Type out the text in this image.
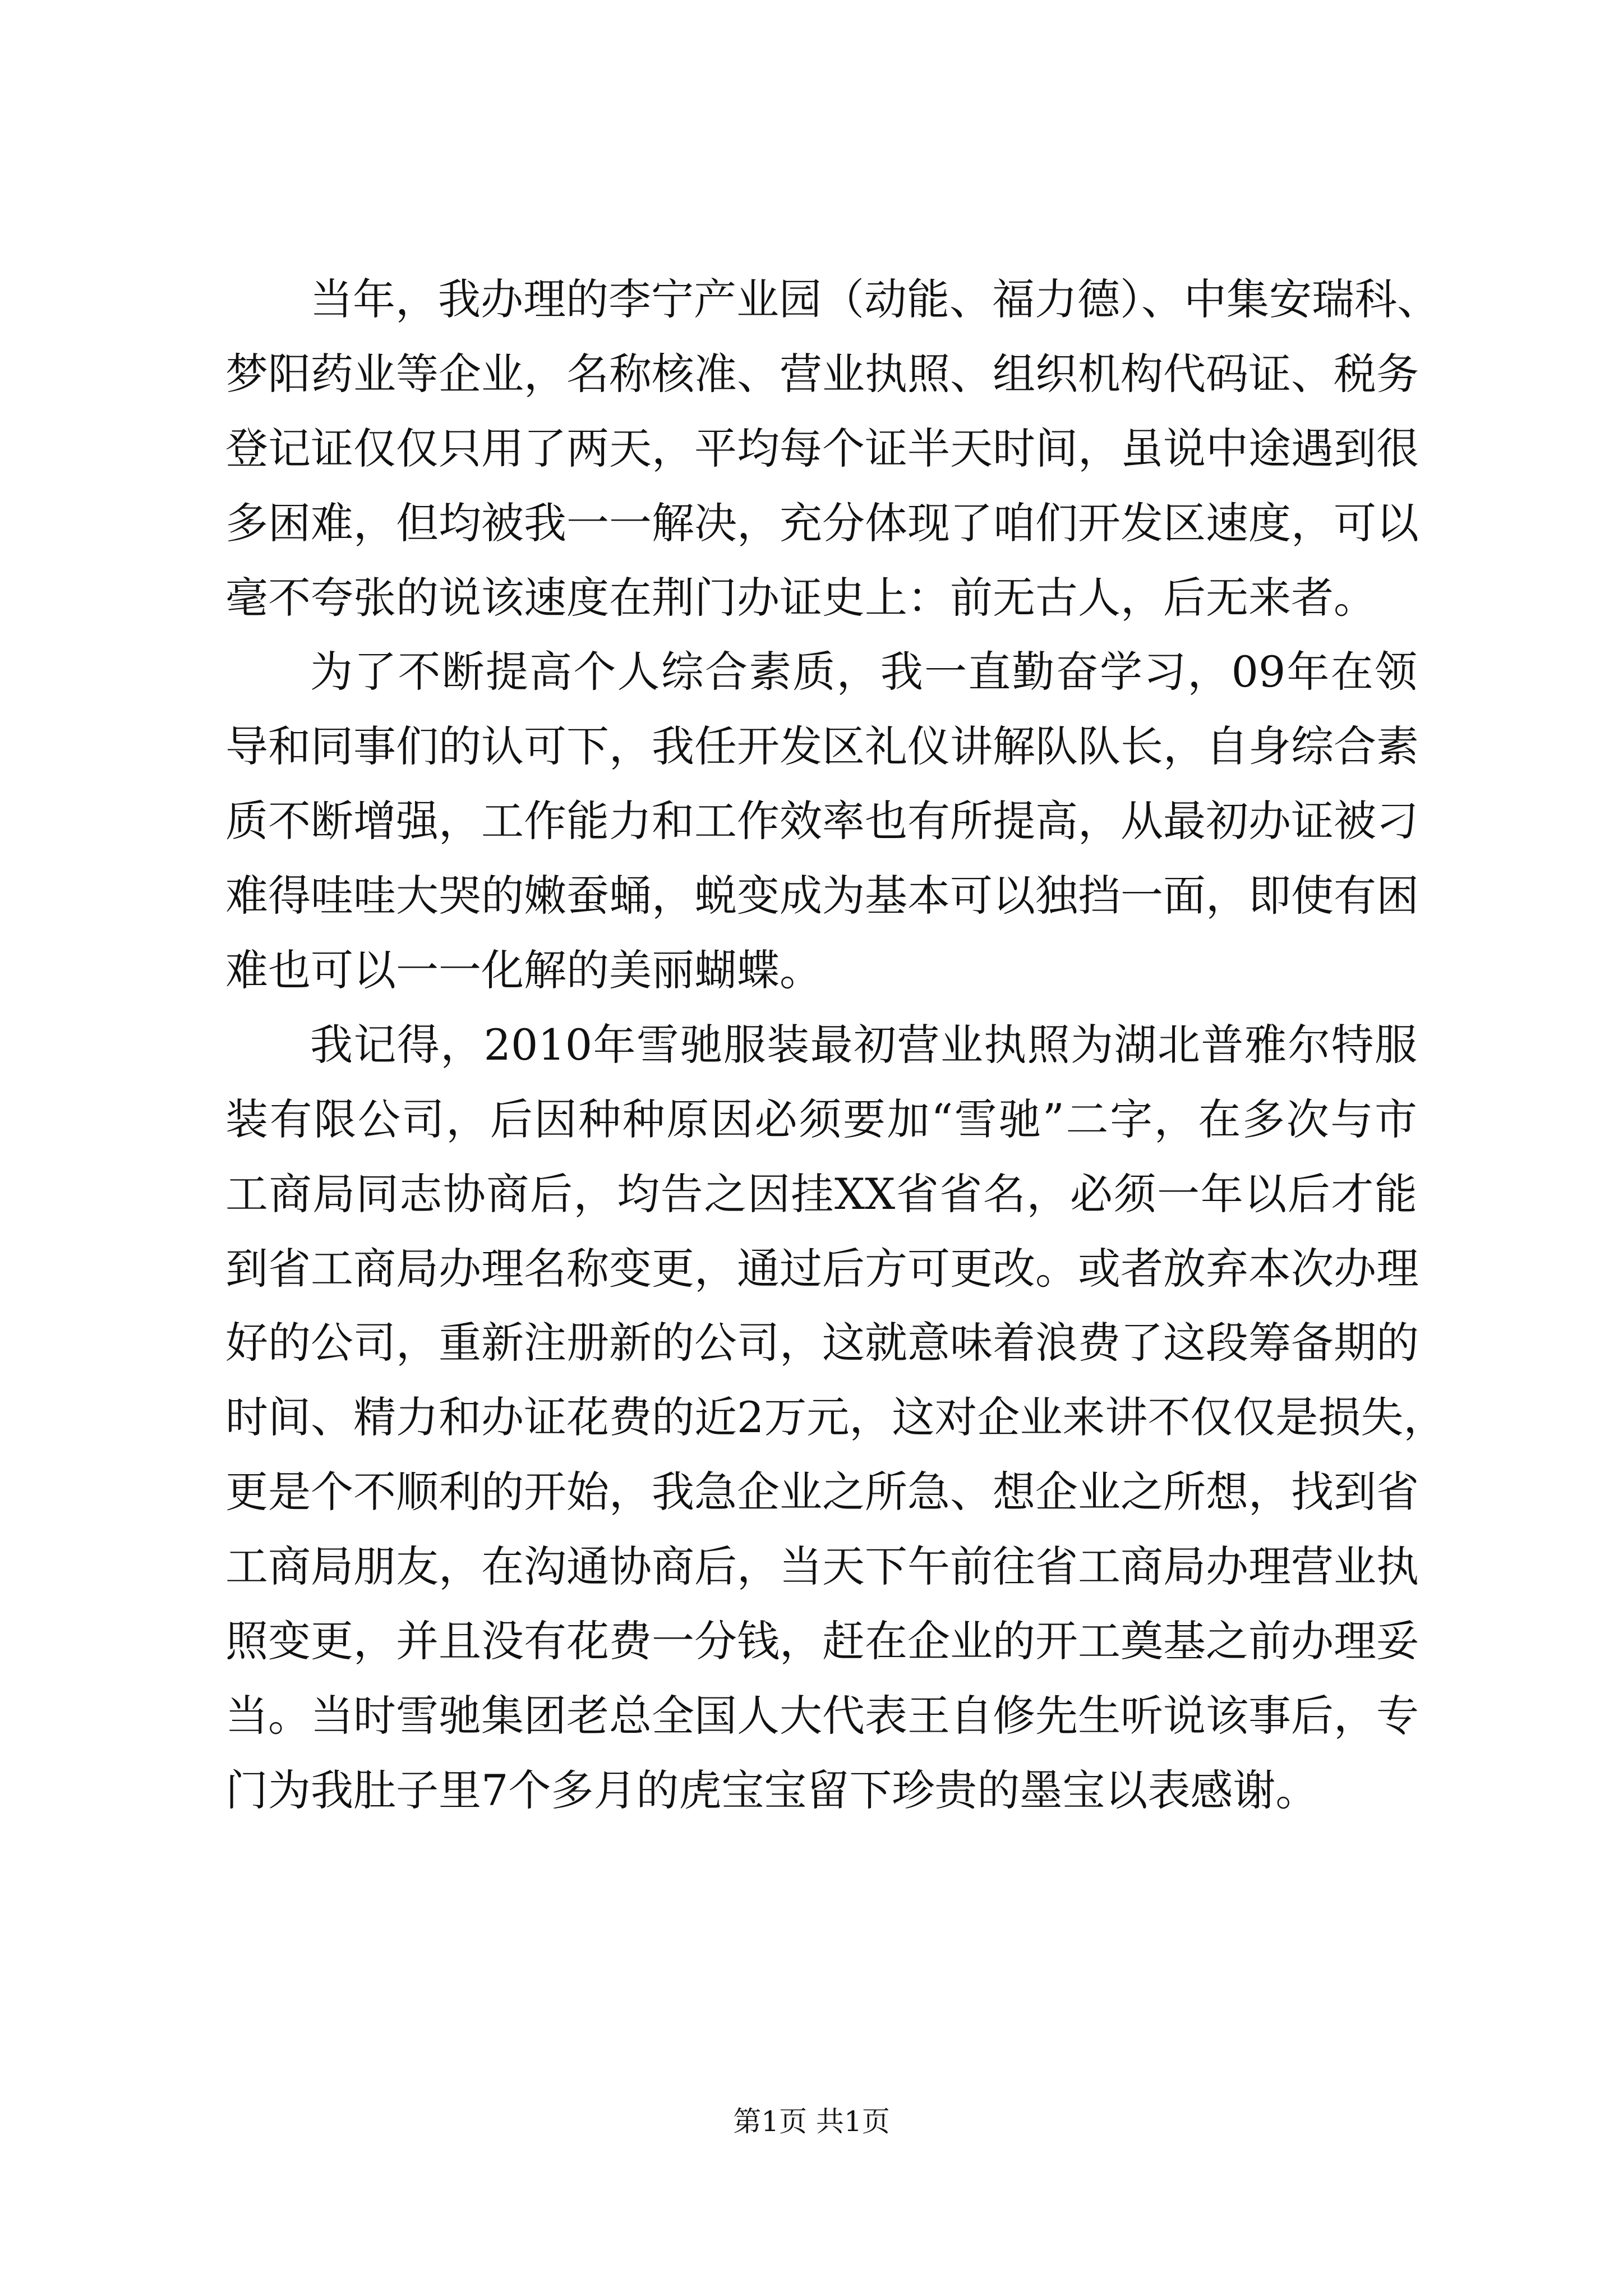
当年，我办理的李宁产业园（动能、福力德）、中集安瑞科、
梦阳药业等企业，名称核准、营业执照、组织机构代码证、税务
登记证仅仅只用了两天，平均每个证半天时间，虽说中途遇到很
多困难，但均被我一一解决，充分体现了咱们开发区速度，可以
毫不夸张的说该速度在荆门办证史上：前无古人，后无来者。
为了不断提高个人综合素质，我一直勤奋学习，09年在领
导和同事们的认可下，我任开发区礼仪讲解队队长，自身综合素
质不断增强，工作能力和工作效率也有所提高，从最初办证被刁
难得哇哇大哭的嫩蚕蛹，蜕变成为基本可以独挡一面，即使有困
难也可以一一化解的美丽蝴蝶。
我记得，2010年雪驰服装最初营业执照为湖北普雅尔特服
装有限公司，后因种种原因必须要加“雪驰”二字，在多次与市
工商局同志协商后，均告之因挂XX省省名，必须一年以后才能
到省工商局办理名称变更，通过后方可更改。或者放弃本次办理
好的公司，重新注册新的公司，这就意味着浪费了这段筹备期的
时间、精力和办证花费的近2万元，这对企业来讲不仅仅是损失，
更是个不顺利的开始，我急企业之所急、想企业之所想，找到省
工商局朋友，在沟通协商后，当天下午前往省工商局办理营业执
照变更，并且没有花费一分钱，赶在企业的开工奠基之前办理妥
当。当时雪驰集团老总全国人大代表王自修先生听说该事后，专
门为我肚子里7个多月的虎宝宝留下珍贵的墨宝以表感谢。
第1页 共1页
